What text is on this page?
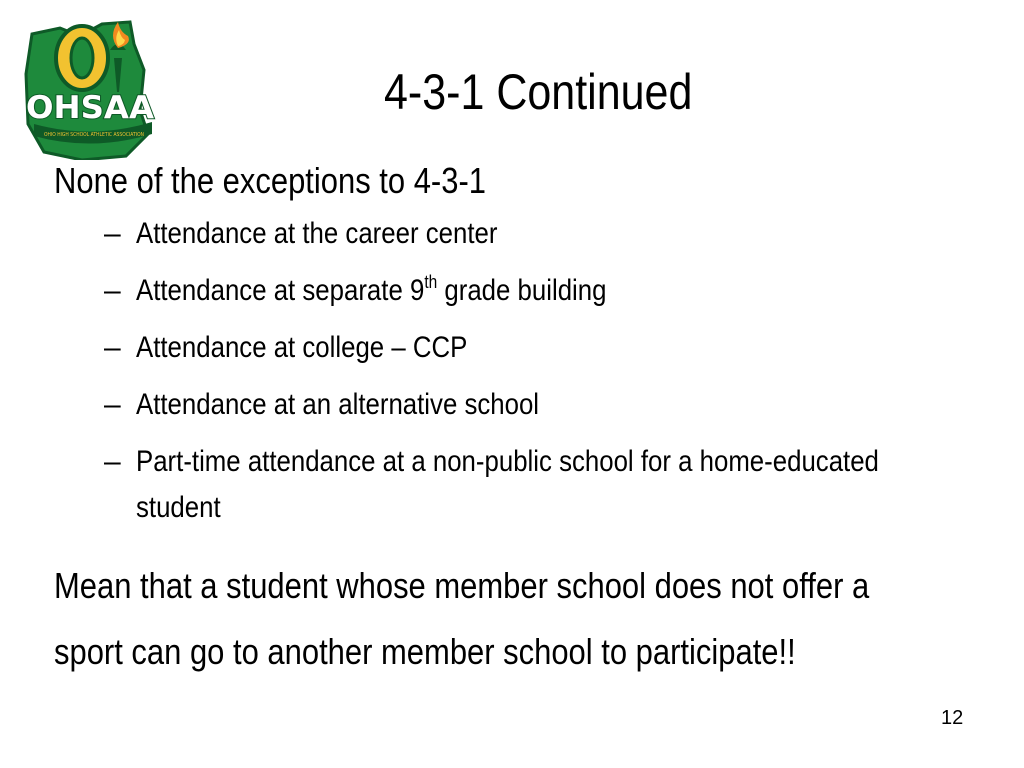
OHSAA
OHIO HIGH SCHOOL ATHLETIC ASSOCIATION
4-3-1 Continued
None of the exceptions to 4-3-1
– Attendance at the career center
– Attendance at separate 9th grade building
– Attendance at college – CCP
– Attendance at an alternative school
– Part-time attendance at a non-public school for a home-educated student
Mean that a student whose member school does not offer a sport can go to another member school to participate!!
12
